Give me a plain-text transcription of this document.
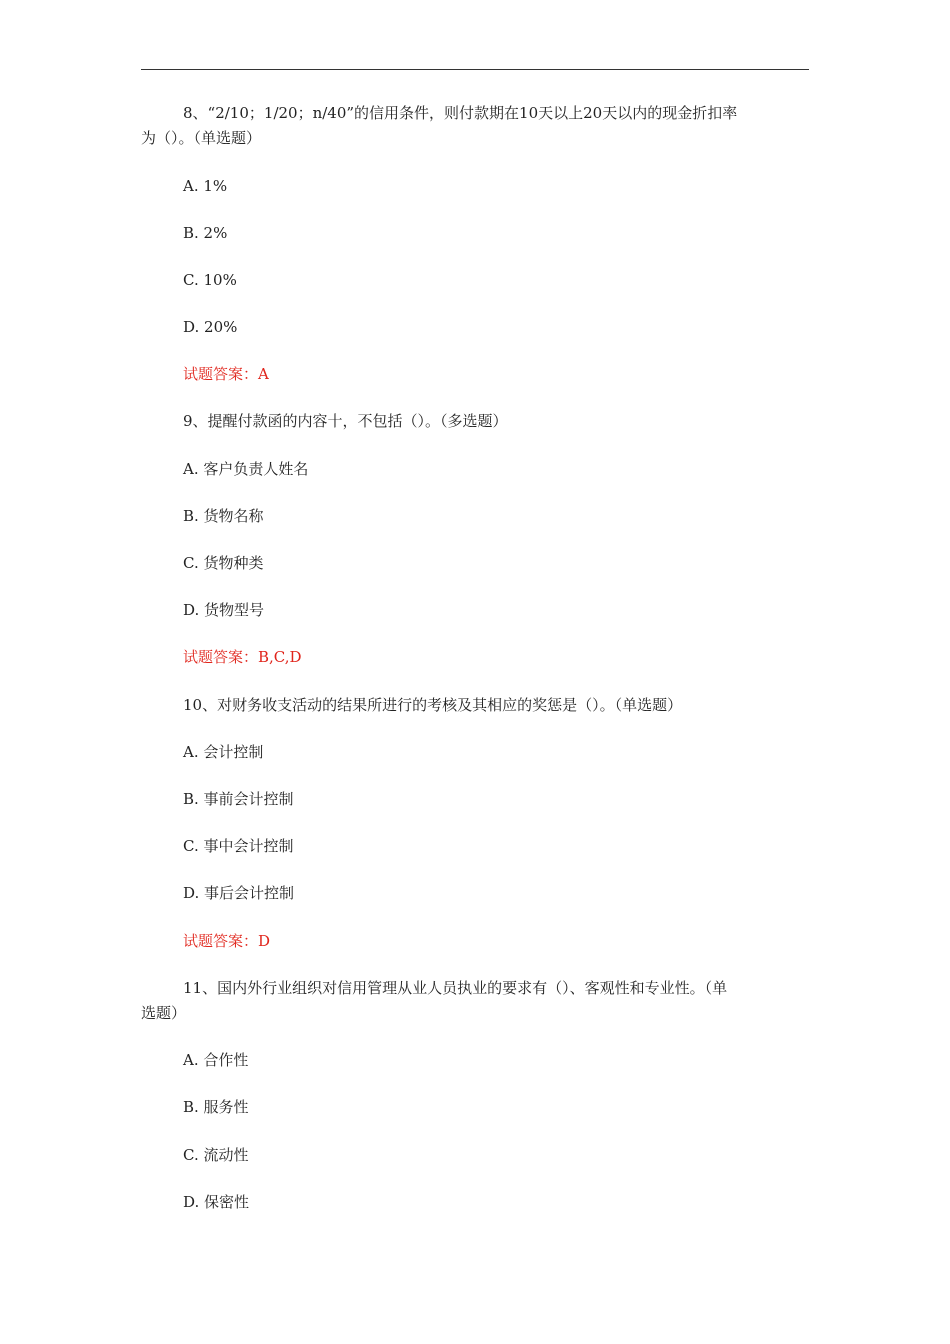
8、“2/10；1/20；n/40”的信用条件，则付款期在10天以上20天以内的现金折扣率
为（）。（单选题）
A. 1%
B. 2%
C. 10%
D. 20%
试题答案：A
9、提醒付款函的内容十，不包括（）。（多选题）
A. 客户负责人姓名
B. 货物名称
C. 货物种类
D. 货物型号
试题答案：B,C,D
10、对财务收支活动的结果所进行的考核及其相应的奖惩是（）。（单选题）
A. 会计控制
B. 事前会计控制
C. 事中会计控制
D. 事后会计控制
试题答案：D
11、国内外行业组织对信用管理从业人员执业的要求有（）、客观性和专业性。（单
选题）
A. 合作性
B. 服务性
C. 流动性
D. 保密性
